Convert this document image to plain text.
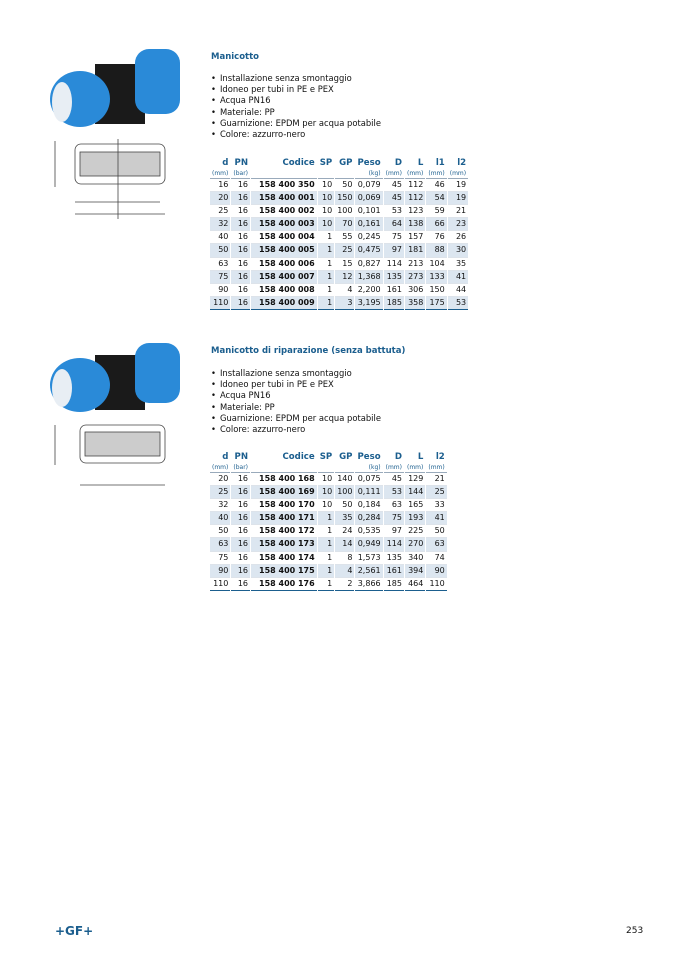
Manicotto
• Installazione senza smontaggio
• Idoneo per tubi in PE e PEX
• Acqua PN16
• Materiale: PP
• Guarnizione: EPDM per acqua potabile
• Colore: azzurro-nero
d	PN	Codice	SP	GP	Peso	D	L	l1	l2
(mm)	(bar)				(kg)	(mm)	(mm)	(mm)	(mm)
16	16	158 400 350	10	50	0,079	45	112	46	19
20	16	158 400 001	10	150	0,069	45	112	54	19
25	16	158 400 002	10	100	0,101	53	123	59	21
32	16	158 400 003	10	70	0,161	64	138	66	23
40	16	158 400 004	1	55	0,245	75	157	76	26
50	16	158 400 005	1	25	0,475	97	181	88	30
63	16	158 400 006	1	15	0,827	114	213	104	35
75	16	158 400 007	1	12	1,368	135	273	133	41
90	16	158 400 008	1	4	2,200	161	306	150	44
110	16	158 400 009	1	3	3,195	185	358	175	53
Manicotto di riparazione (senza battuta)
• Installazione senza smontaggio
• Idoneo per tubi in PE e PEX
• Acqua PN16
• Materiale: PP
• Guarnizione: EPDM per acqua potabile
• Colore: azzurro-nero
d	PN	Codice	SP	GP	Peso	D	L	l2
(mm)	(bar)				(kg)	(mm)	(mm)	(mm)
20	16	158 400 168	10	140	0,075	45	129	21
25	16	158 400 169	10	100	0,111	53	144	25
32	16	158 400 170	10	50	0,184	63	165	33
40	16	158 400 171	1	35	0,284	75	193	41
50	16	158 400 172	1	24	0,535	97	225	50
63	16	158 400 173	1	14	0,949	114	270	63
75	16	158 400 174	1	8	1,573	135	340	74
90	16	158 400 175	1	4	2,561	161	394	90
110	16	158 400 176	1	2	3,866	185	464	110
+GF+	253
